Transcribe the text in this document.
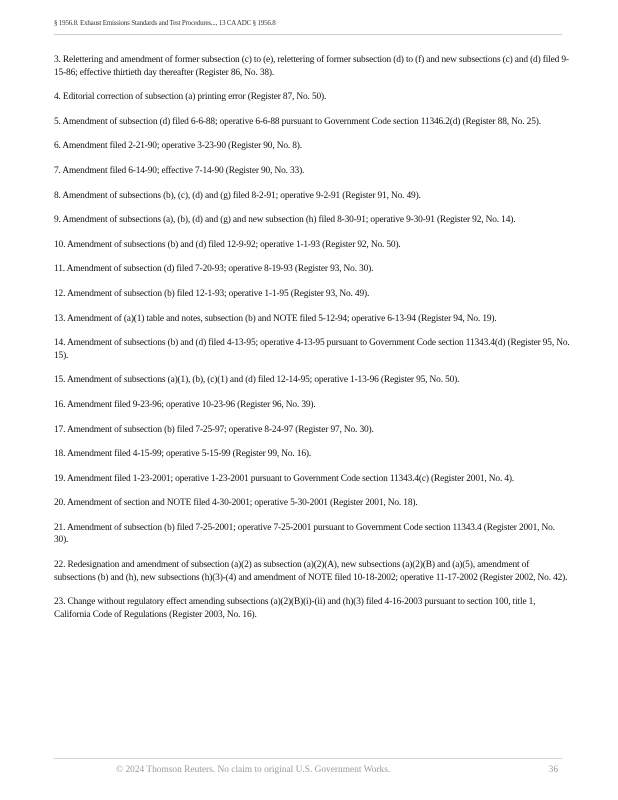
§ 1956.8. Exhaust Emissions Standards and Test Procedures..., 13 CA ADC § 1956.8
3. Relettering and amendment of former subsection (c) to (e), relettering of former subsection (d) to (f) and new subsections (c) and (d) filed 9-15-86; effective thirtieth day thereafter (Register 86, No. 38).
4. Editorial correction of subsection (a) printing error (Register 87, No. 50).
5. Amendment of subsection (d) filed 6-6-88; operative 6-6-88 pursuant to Government Code section 11346.2(d) (Register 88, No. 25).
6. Amendment filed 2-21-90; operative 3-23-90 (Register 90, No. 8).
7. Amendment filed 6-14-90; effective 7-14-90 (Register 90, No. 33).
8. Amendment of subsections (b), (c), (d) and (g) filed 8-2-91; operative 9-2-91 (Register 91, No. 49).
9. Amendment of subsections (a), (b), (d) and (g) and new subsection (h) filed 8-30-91; operative 9-30-91 (Register 92, No. 14).
10. Amendment of subsections (b) and (d) filed 12-9-92; operative 1-1-93 (Register 92, No. 50).
11. Amendment of subsection (d) filed 7-20-93; operative 8-19-93 (Register 93, No. 30).
12. Amendment of subsection (b) filed 12-1-93; operative 1-1-95 (Register 93, No. 49).
13. Amendment of (a)(1) table and notes, subsection (b) and NOTE filed 5-12-94; operative 6-13-94 (Register 94, No. 19).
14. Amendment of subsections (b) and (d) filed 4-13-95; operative 4-13-95 pursuant to Government Code section 11343.4(d) (Register 95, No. 15).
15. Amendment of subsections (a)(1), (b), (c)(1) and (d) filed 12-14-95; operative 1-13-96 (Register 95, No. 50).
16. Amendment filed 9-23-96; operative 10-23-96 (Register 96, No. 39).
17. Amendment of subsection (b) filed 7-25-97; operative 8-24-97 (Register 97, No. 30).
18. Amendment filed 4-15-99; operative 5-15-99 (Register 99, No. 16).
19. Amendment filed 1-23-2001; operative 1-23-2001 pursuant to Government Code section 11343.4(c) (Register 2001, No. 4).
20. Amendment of section and NOTE filed 4-30-2001; operative 5-30-2001 (Register 2001, No. 18).
21. Amendment of subsection (b) filed 7-25-2001; operative 7-25-2001 pursuant to Government Code section 11343.4 (Register 2001, No. 30).
22. Redesignation and amendment of subsection (a)(2) as subsection (a)(2)(A), new subsections (a)(2)(B) and (a)(5), amendment of subsections (b) and (h), new subsections (h)(3)-(4) and amendment of NOTE filed 10-18-2002; operative 11-17-2002 (Register 2002, No. 42).
23. Change without regulatory effect amending subsections (a)(2)(B)(i)-(ii) and (h)(3) filed 4-16-2003 pursuant to section 100, title 1, California Code of Regulations (Register 2003, No. 16).
© 2024 Thomson Reuters. No claim to original U.S. Government Works.	36
